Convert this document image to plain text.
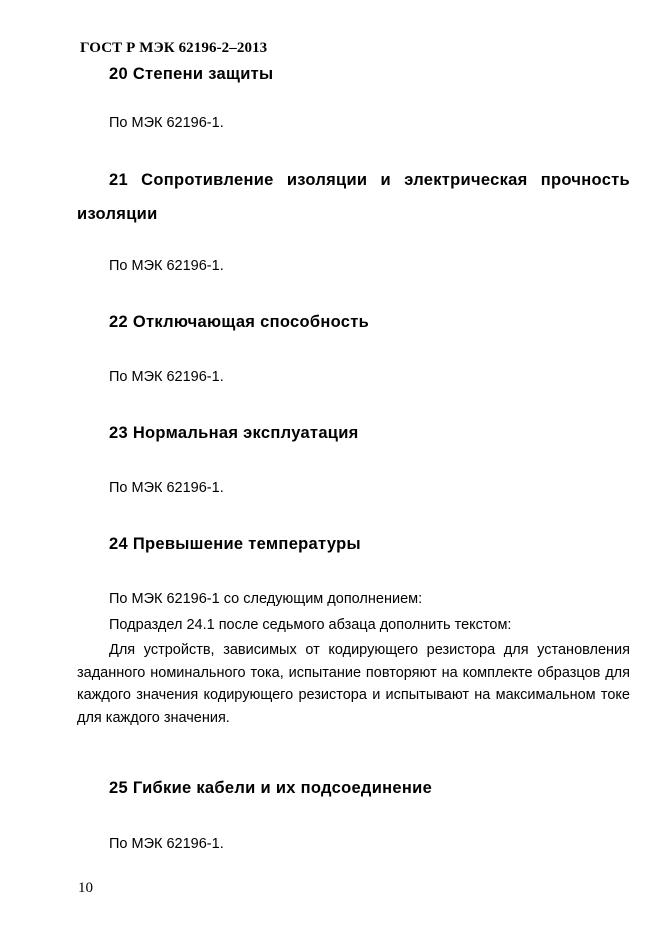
ГОСТ Р МЭК 62196-2–2013
20 Степени защиты
По МЭК 62196-1.
21 Сопротивление изоляции и электрическая прочность изоляции
По МЭК 62196-1.
22 Отключающая способность
По МЭК 62196-1.
23 Нормальная эксплуатация
По МЭК 62196-1.
24 Превышение температуры
По МЭК 62196-1 со следующим дополнением:
Подраздел 24.1 после седьмого абзаца дополнить текстом:
Для устройств, зависимых от кодирующего резистора для установления заданного номинального тока, испытание повторяют на комплекте образцов для каждого значения кодирующего резистора и испытывают на максимальном токе для каждого значения.
25 Гибкие кабели и их подсоединение
По МЭК 62196-1.
10
